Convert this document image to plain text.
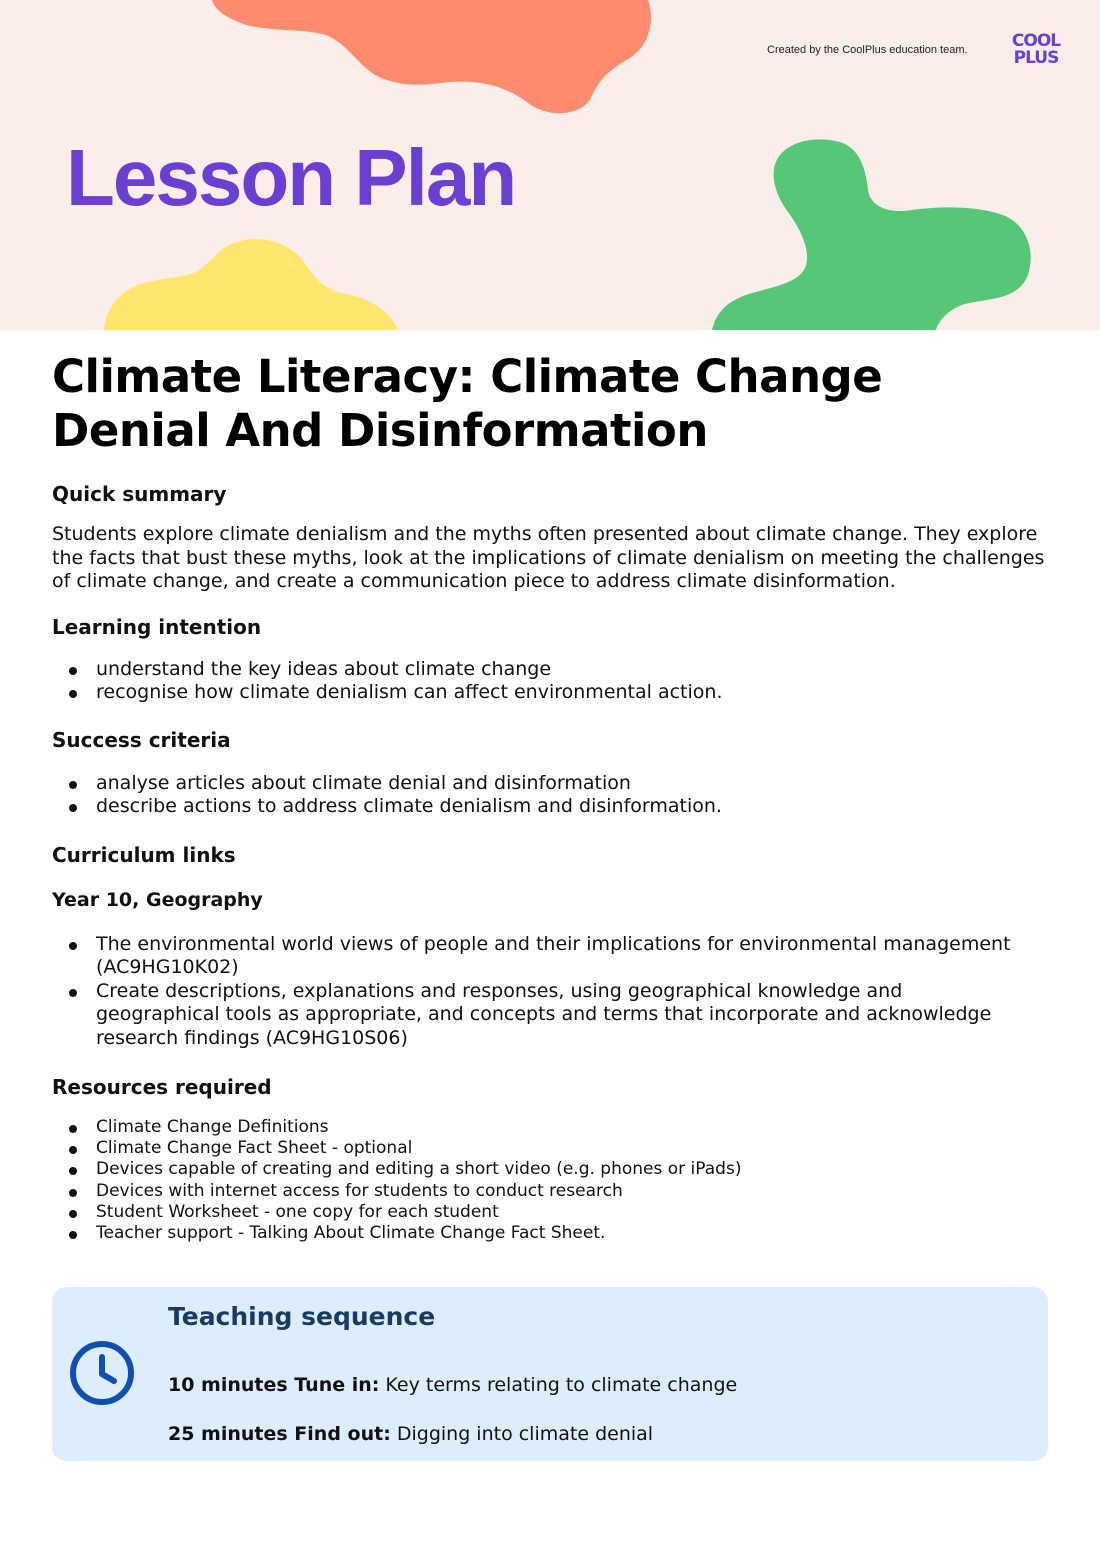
Created by the CoolPlus education team.	COOL
PLUS
Lesson Plan
Climate Literacy: Climate Change Denial And Disinformation
Quick summary

Students explore climate denialism and the myths often presented about climate change. They explore the facts that bust these myths, look at the implications of climate denialism on meeting the challenges of climate change, and create a communication piece to address climate disinformation.

Learning intention
understand the key ideas about climate change
recognise how climate denialism can affect environmental action.
Success criteria
analyse articles about climate denial and disinformation
describe actions to address climate denialism and disinformation.
Curriculum links
Year 10, Geography
The environmental world views of people and their implications for environmental management (AC9HG10K02)
Create descriptions, explanations and responses, using geographical knowledge and geographical tools as appropriate, and concepts and terms that incorporate and acknowledge research findings (AC9HG10S06)
Resources required
Climate Change Definitions
Climate Change Fact Sheet - optional
Devices capable of creating and editing a short video (e.g. phones or iPads)
Devices with internet access for students to conduct research
Student Worksheet - one copy for each student
Teacher support - Talking About Climate Change Fact Sheet.
Teaching sequence

10 minutes Tune in: Key terms relating to climate change

25 minutes Find out: Digging into climate denial
